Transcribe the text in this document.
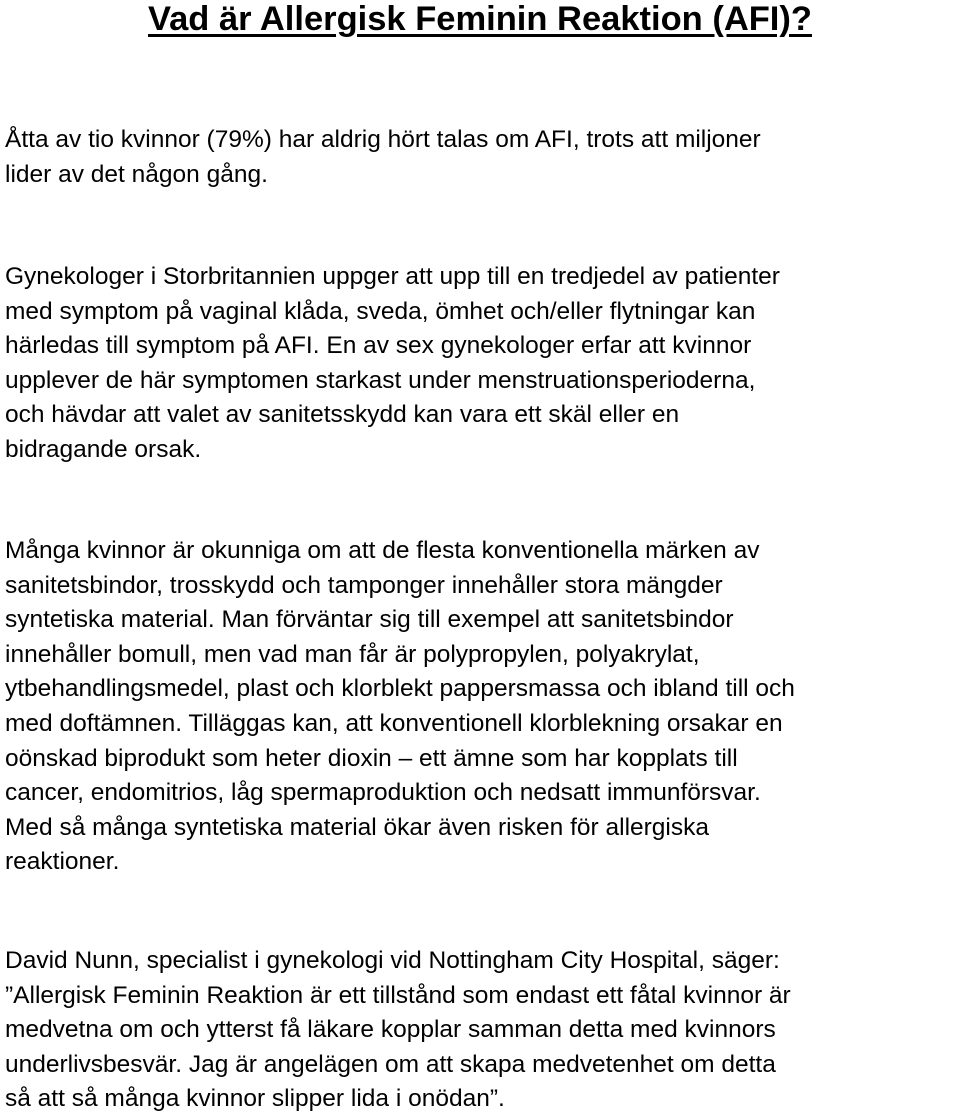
Vad är Allergisk Feminin Reaktion (AFI)?

Åtta av tio kvinnor (79%) har aldrig hört talas om AFI, trots att miljoner
lider av det någon gång.

Gynekologer i Storbritannien uppger att upp till en tredjedel av patienter
med symptom på vaginal klåda, sveda, ömhet och/eller flytningar kan
härledas till symptom på AFI. En av sex gynekologer erfar att kvinnor
upplever de här symptomen starkast under menstruationsperioderna,
och hävdar att valet av sanitetsskydd kan vara ett skäl eller en
bidragande orsak.

Många kvinnor är okunniga om att de flesta konventionella märken av
sanitetsbindor, trosskydd och tamponger innehåller stora mängder
syntetiska material. Man förväntar sig till exempel att sanitetsbindor
innehåller bomull, men vad man får är polypropylen, polyakrylat,
ytbehandlingsmedel, plast och klorblekt pappersmassa och ibland till och
med doftämnen. Tilläggas kan, att konventionell klorblekning orsakar en
oönskad biprodukt som heter dioxin – ett ämne som har kopplats till
cancer, endomitrios, låg spermaproduktion och nedsatt immunförsvar.
Med så många syntetiska material ökar även risken för allergiska
reaktioner.

David Nunn, specialist i gynekologi vid Nottingham City Hospital, säger:
”Allergisk Feminin Reaktion är ett tillstånd som endast ett fåtal kvinnor är
medvetna om och ytterst få läkare kopplar samman detta med kvinnors
underlivsbesvär. Jag är angelägen om att skapa medvetenhet om detta
så att så många kvinnor slipper lida i onödan”.
